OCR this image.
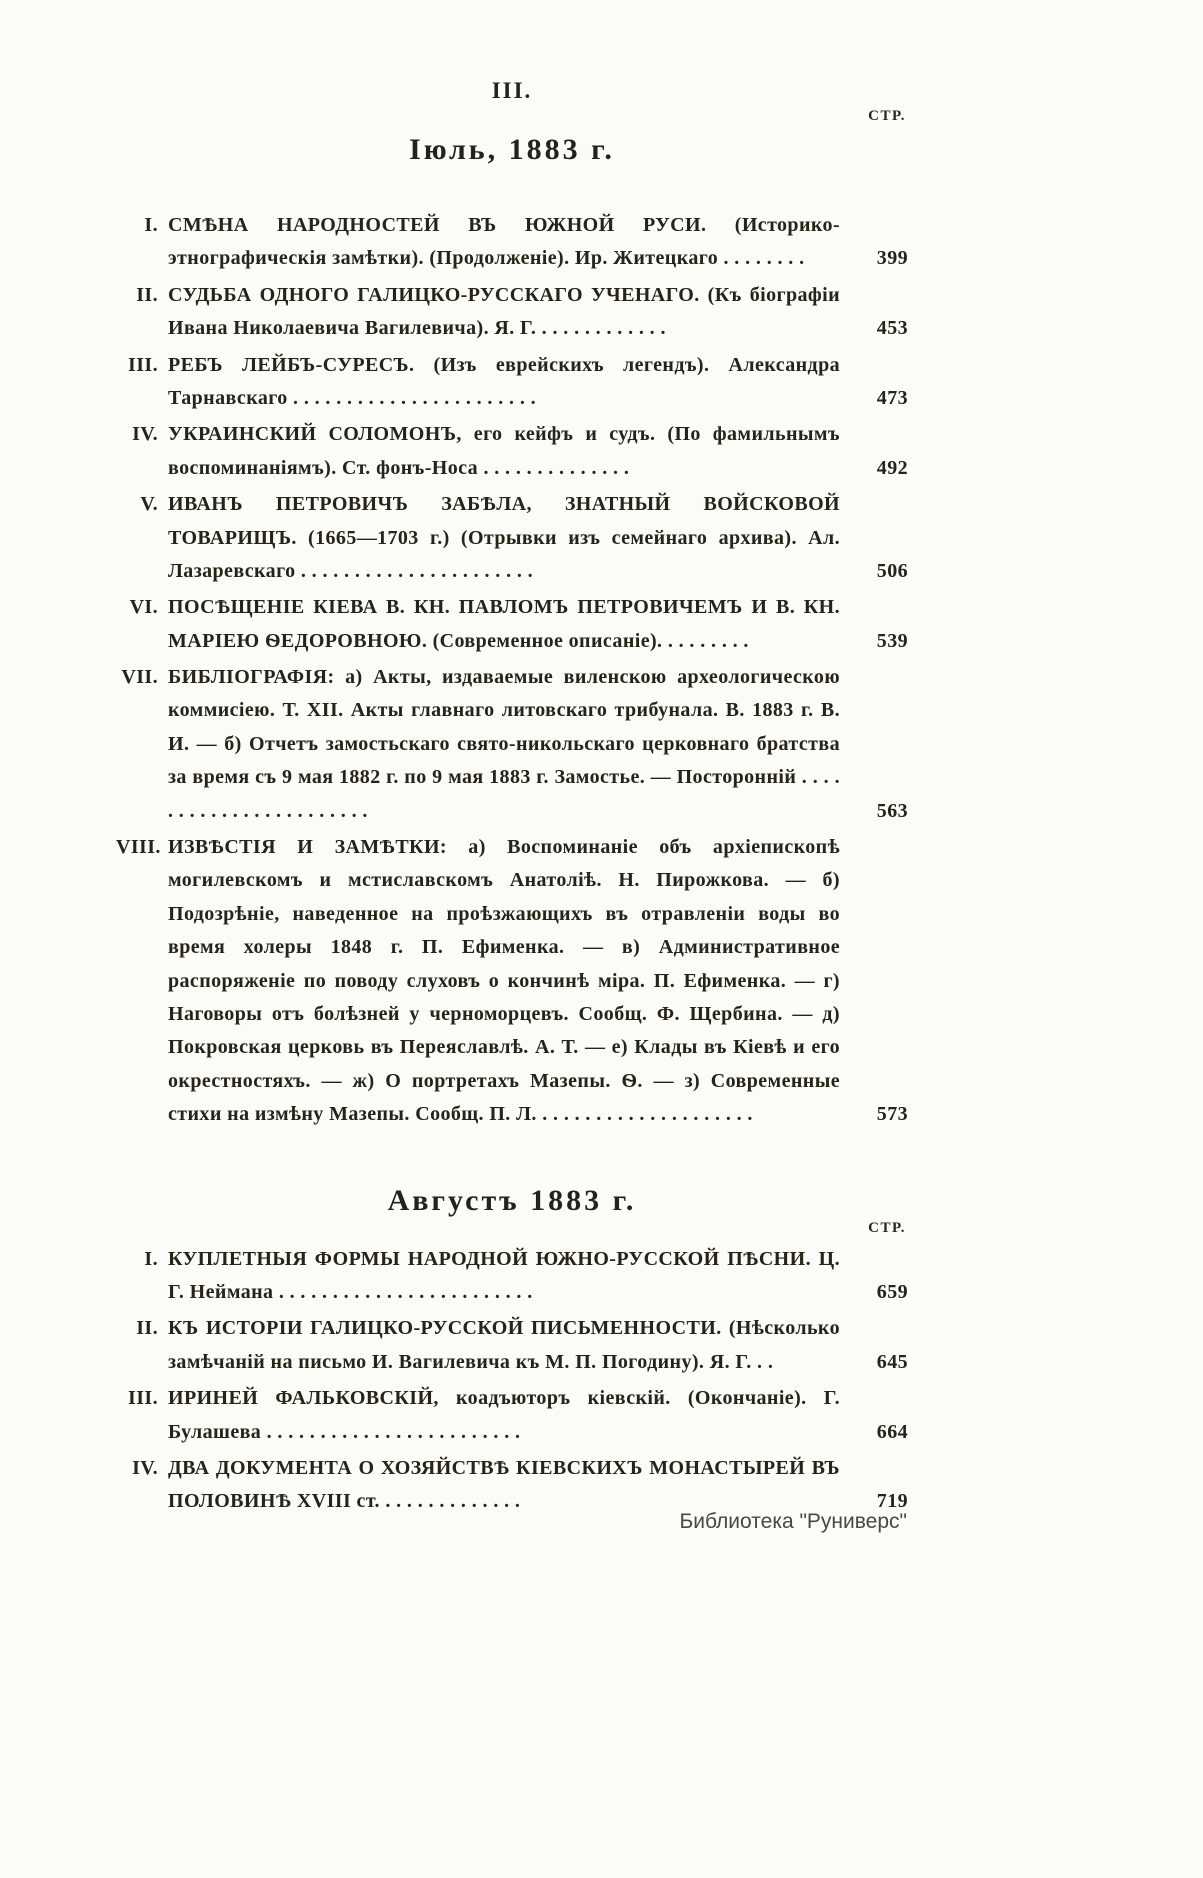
III.
СТР.
Іюль, 1883 г.
I. СМѢНА НАРОДНОСТЕЙ ВЪ ЮЖНОЙ РУСИ. (Историко-этнографическія замѣтки). (Продолженіе). Ир. Житецкаго . . . . . . . .	399
II. СУДЬБА ОДНОГО ГАЛИЦКО-РУССКАГО УЧЕНАГО. (Къ біографіи Ивана Николаевича Вагилевича). Я. Г. . . . . . . . . . . . .	453
III. РЕБЪ ЛЕЙБЪ-СУРЕСЪ. (Изъ еврейскихъ легендъ). Александра Тарнавскаго . . . . . . . . . . . . . . . . . . . . . . .	473
IV. УКРАИНСКИЙ СОЛОМОНЪ, его кейфъ и судъ. (По фамильнымъ воспоминаніямъ). Ст. фонъ-Носа . . . . . . . . . . . . . .	492
V. ИВАНЪ ПЕТРОВИЧЪ ЗАБѢЛА, ЗНАТНЫЙ ВОЙСКОВОЙ ТОВАРИЩЪ. (1665—1703 г.) (Отрывки изъ семейнаго архива). Ал. Лазаревскаго . . . . . . . . . . . . . . . . . . . . . .	506
VI. ПОСѢЩЕНІЕ КІЕВА В. КН. ПАВЛОМЪ ПЕТРОВИЧЕМЪ И В. КН. МАРІЕЮ ѲЕДОРОВНОЮ. (Современное описаніе). . . . . . . . .	539
VII. БИБЛІОГРАФІЯ: а) Акты, издаваемые виленскою археологическою коммисіею. Т. XII. Акты главнаго литовскаго трибунала. В. 1883 г. В. И. — б) Отчетъ замостьскаго свято-никольскаго церковнаго братства за время съ 9 мая 1882 г. по 9 мая 1883 г. Замостье. — Посторонній . . . . . . . . . . . . . . . . . . . . . . .	563
VIII. ИЗВѢСТІЯ И ЗАМѢТКИ: а) Воспоминаніе объ архіепископѣ могилевскомъ и мстиславскомъ Анатоліѣ. Н. Пирожкова. — б) Подозрѣніе, наведенное на проѣзжающихъ въ отравленіи воды во время холеры 1848 г. П. Ефименка. — в) Административное распоряженіе по поводу слуховъ о кончинѣ міра. П. Ефименка. — г) Наговоры отъ болѣзней у черноморцевъ. Сообщ. Ф. Щербина. — д) Покровская церковь въ Переяславлѣ. А. Т. — е) Клады въ Кіевѣ и его окрестностяхъ. — ж) О портретахъ Мазепы. Ѳ. — з) Современные стихи на измѣну Мазепы. Сообщ. П. Л. . . . . . . . . . . . . . . . . . . . .	573
Августъ 1883 г.
СТР.
I. КУПЛЕТНЫЯ ФОРМЫ НАРОДНОЙ ЮЖНО-РУССКОЙ ПѢСНИ. Ц. Г. Неймана . . . . . . . . . . . . . . . . . . . . . . . .	659
II. КЪ ИСТОРІИ ГАЛИЦКО-РУССКОЙ ПИСЬМЕННОСТИ. (Нѣсколько замѣчаній на письмо И. Вагилевича къ М. П. Погодину). Я. Г. . .	645
III. ИРИНЕЙ ФАЛЬКОВСКІЙ, коадъюторъ кіевскій. (Окончаніе). Г. Булашева . . . . . . . . . . . . . . . . . . . . . . . .	664
IV. ДВА ДОКУМЕНТА О ХОЗЯЙСТВѢ КІЕВСКИХЪ МОНАСТЫРЕЙ ВЪ ПОЛОВИНѢ XVIII ст. . . . . . . . . . . . . .	719
Библиотека "Руниверс"
